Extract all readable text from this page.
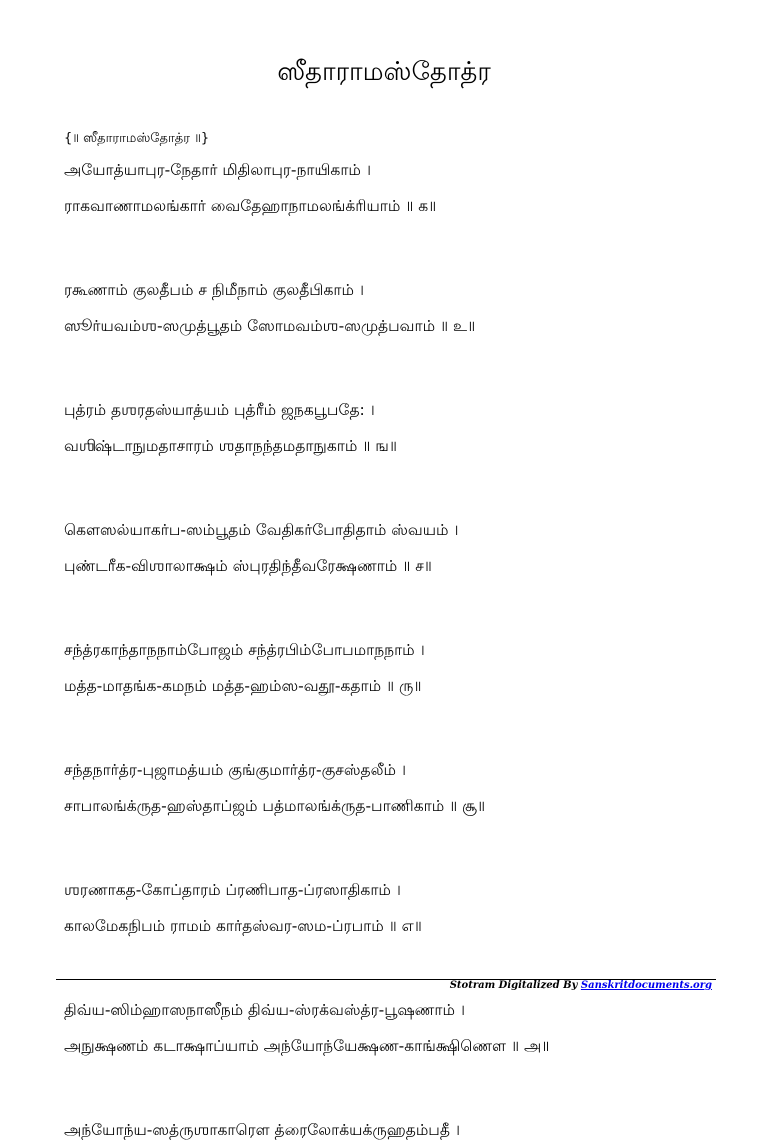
ஸீதாராமஸ்தோத்ர
{॥ ஸீதாராமஸ்தோத்ர ॥}
அயோத்யாபுர-நேதார் மிதிலாபுர-நாயிகாம் ।
ராகவாணாமலங்கார் வைதேஹாநாமலங்க்ரியாம் ॥ க॥
ரகூணாம் குலதீபம் ச நிமீநாம் குலதீபிகாம் ।
ஸூர்யவம்ஶ-ஸமுத்பூதம் ஸோமவம்ஶ-ஸமுத்பவாம் ॥ உ॥
புத்ரம் தஶரதஸ்யாத்யம் புத்ரீம் ஜநகபூபதே: ।
வஶிஷ்டாநுமதாசாரம் ஶதாநந்தமதாநுகாம் ॥ ங॥
கௌஸல்யாகர்ப-ஸம்பூதம் வேதிகர்போதிதாம் ஸ்வயம் ।
புண்டரீக-விஶாலாக்ஷம் ஸ்புரதிந்தீவரேக்ஷணாம் ॥ ச॥
சந்த்ரகாந்தாநநாம்போஜம் சந்த்ரபிம்போபமாநநாம் ।
மத்த-மாதங்க-கமநம் மத்த-ஹம்ஸ-வதூ-கதாம் ॥ ரு॥
சந்தநார்த்ர-புஜாமத்யம் குங்குமார்த்ர-குசஸ்தலீம் ।
சாபாலங்க்ருத-ஹஸ்தாப்ஜம் பத்மாலங்க்ருத-பாணிகாம் ॥ சூ॥
ஶரணாகத-கோப்தாரம் ப்ரணிபாத-ப்ரஸாதிகாம் ।
காலமேகநிபம் ராமம் கார்தஸ்வர-ஸம-ப்ரபாம் ॥ எ॥
திவ்ய-ஸிம்ஹாஸநாஸீநம் திவ்ய-ஸ்ரக்வஸ்த்ர-பூஷணாம் ।
அநுக்ஷணம் கடாக்ஷாப்யாம் அந்யோந்யேக்ஷண-காங்க்ஷிணௌ ॥ அ॥
அந்யோந்ய-ஸத்ருஶாகாரௌ த்ரைலோக்யக்ருஹதம்பதீ ।
Stotram Digitalized By Sanskritdocuments.org
